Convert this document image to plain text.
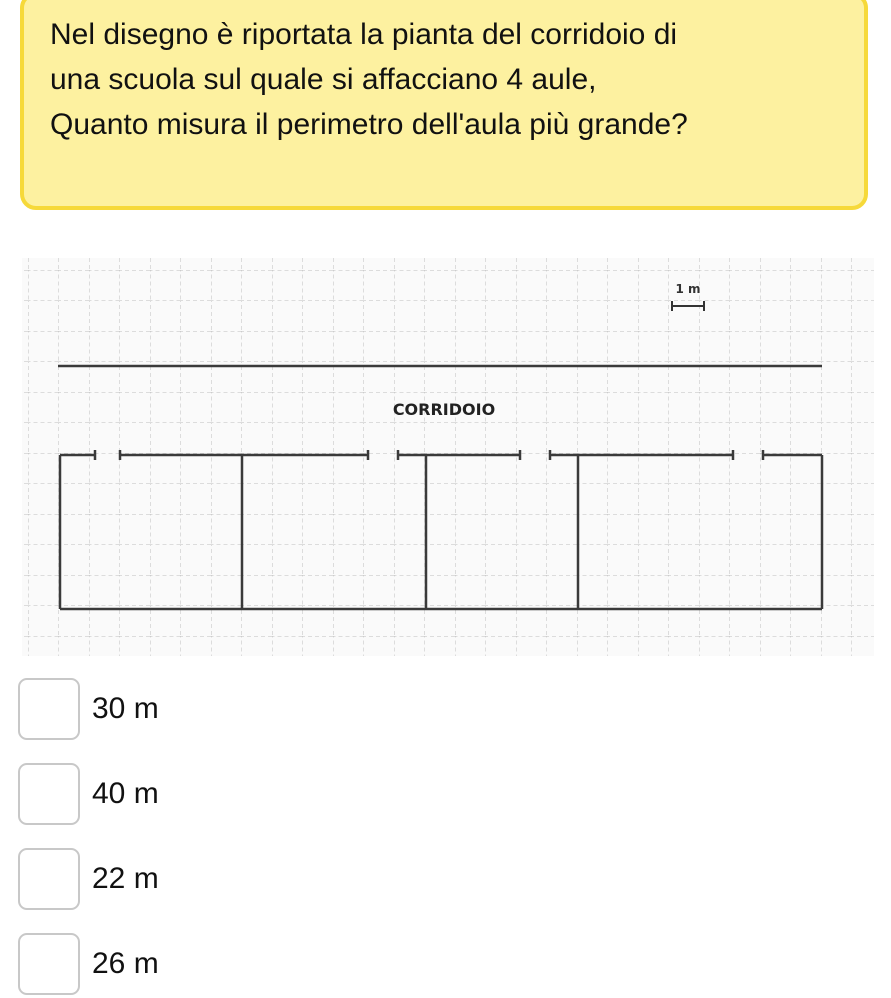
Nel disegno è riportata la pianta del corridoio di
una scuola sul quale si affacciano 4 aule,
Quanto misura il perimetro dell'aula più grande?
1 m
CORRIDOIO
30 m
40 m
22 m
26 m
